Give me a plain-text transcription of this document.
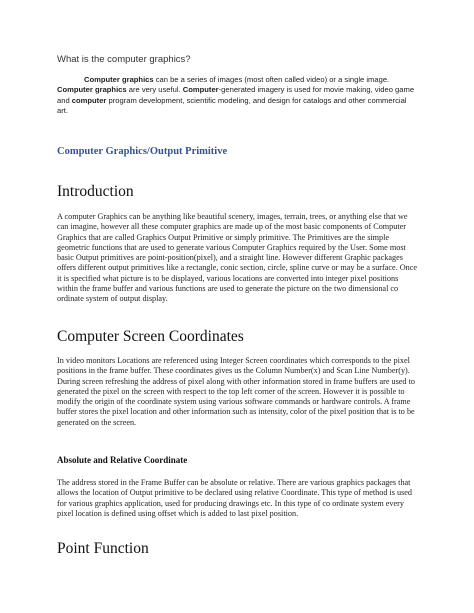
What is the computer graphics?

Computer graphics can be a series of images (most often called video) or a single image. Computer graphics are very useful. Computer-generated imagery is used for movie making, video game and computer program development, scientific modeling, and design for catalogs and other commercial art.

Computer Graphics/Output Primitive
Introduction

A computer Graphics can be anything like beautiful scenery, images, terrain, trees, or anything else that we can imagine, however all these computer graphics are made up of the most basic components of Computer Graphics that are called Graphics Output Primitive or simply primitive. The Primitives are the simple geometric functions that are used to generate various Computer Graphics required by the User. Some most basic Output primitives are point-position(pixel), and a straight line. However different Graphic packages offers different output primitives like a rectangle, conic section, circle, spline curve or may be a surface. Once it is specified what picture is to be displayed, various locations are converted into integer pixel positions within the frame buffer and various functions are used to generate the picture on the two dimensional co ordinate system of output display.

Computer Screen Coordinates

In video monitors Locations are referenced using Integer Screen coordinates which corresponds to the pixel positions in the frame buffer. These coordinates gives us the Column Number(x) and Scan Line Number(y). During screen refreshing the address of pixel along with other information stored in frame buffers are used to generated the pixel on the screen with respect to the top left corner of the screen. However it is possible to modify the origin of the coordinate system using various software commands or hardware controls. A frame buffer stores the pixel location and other information such as intensity, color of the pixel position that is to be generated on the screen.

Absolute and Relative Coordinate

The address stored in the Frame Buffer can be absolute or relative. There are various graphics packages that allows the location of Output primitive to be declared using relative Coordinate. This type of method is used for various graphics application, used for producing drawings etc. In this type of co ordinate system every pixel location is defined using offset which is added to last pixel position.

Point Function
